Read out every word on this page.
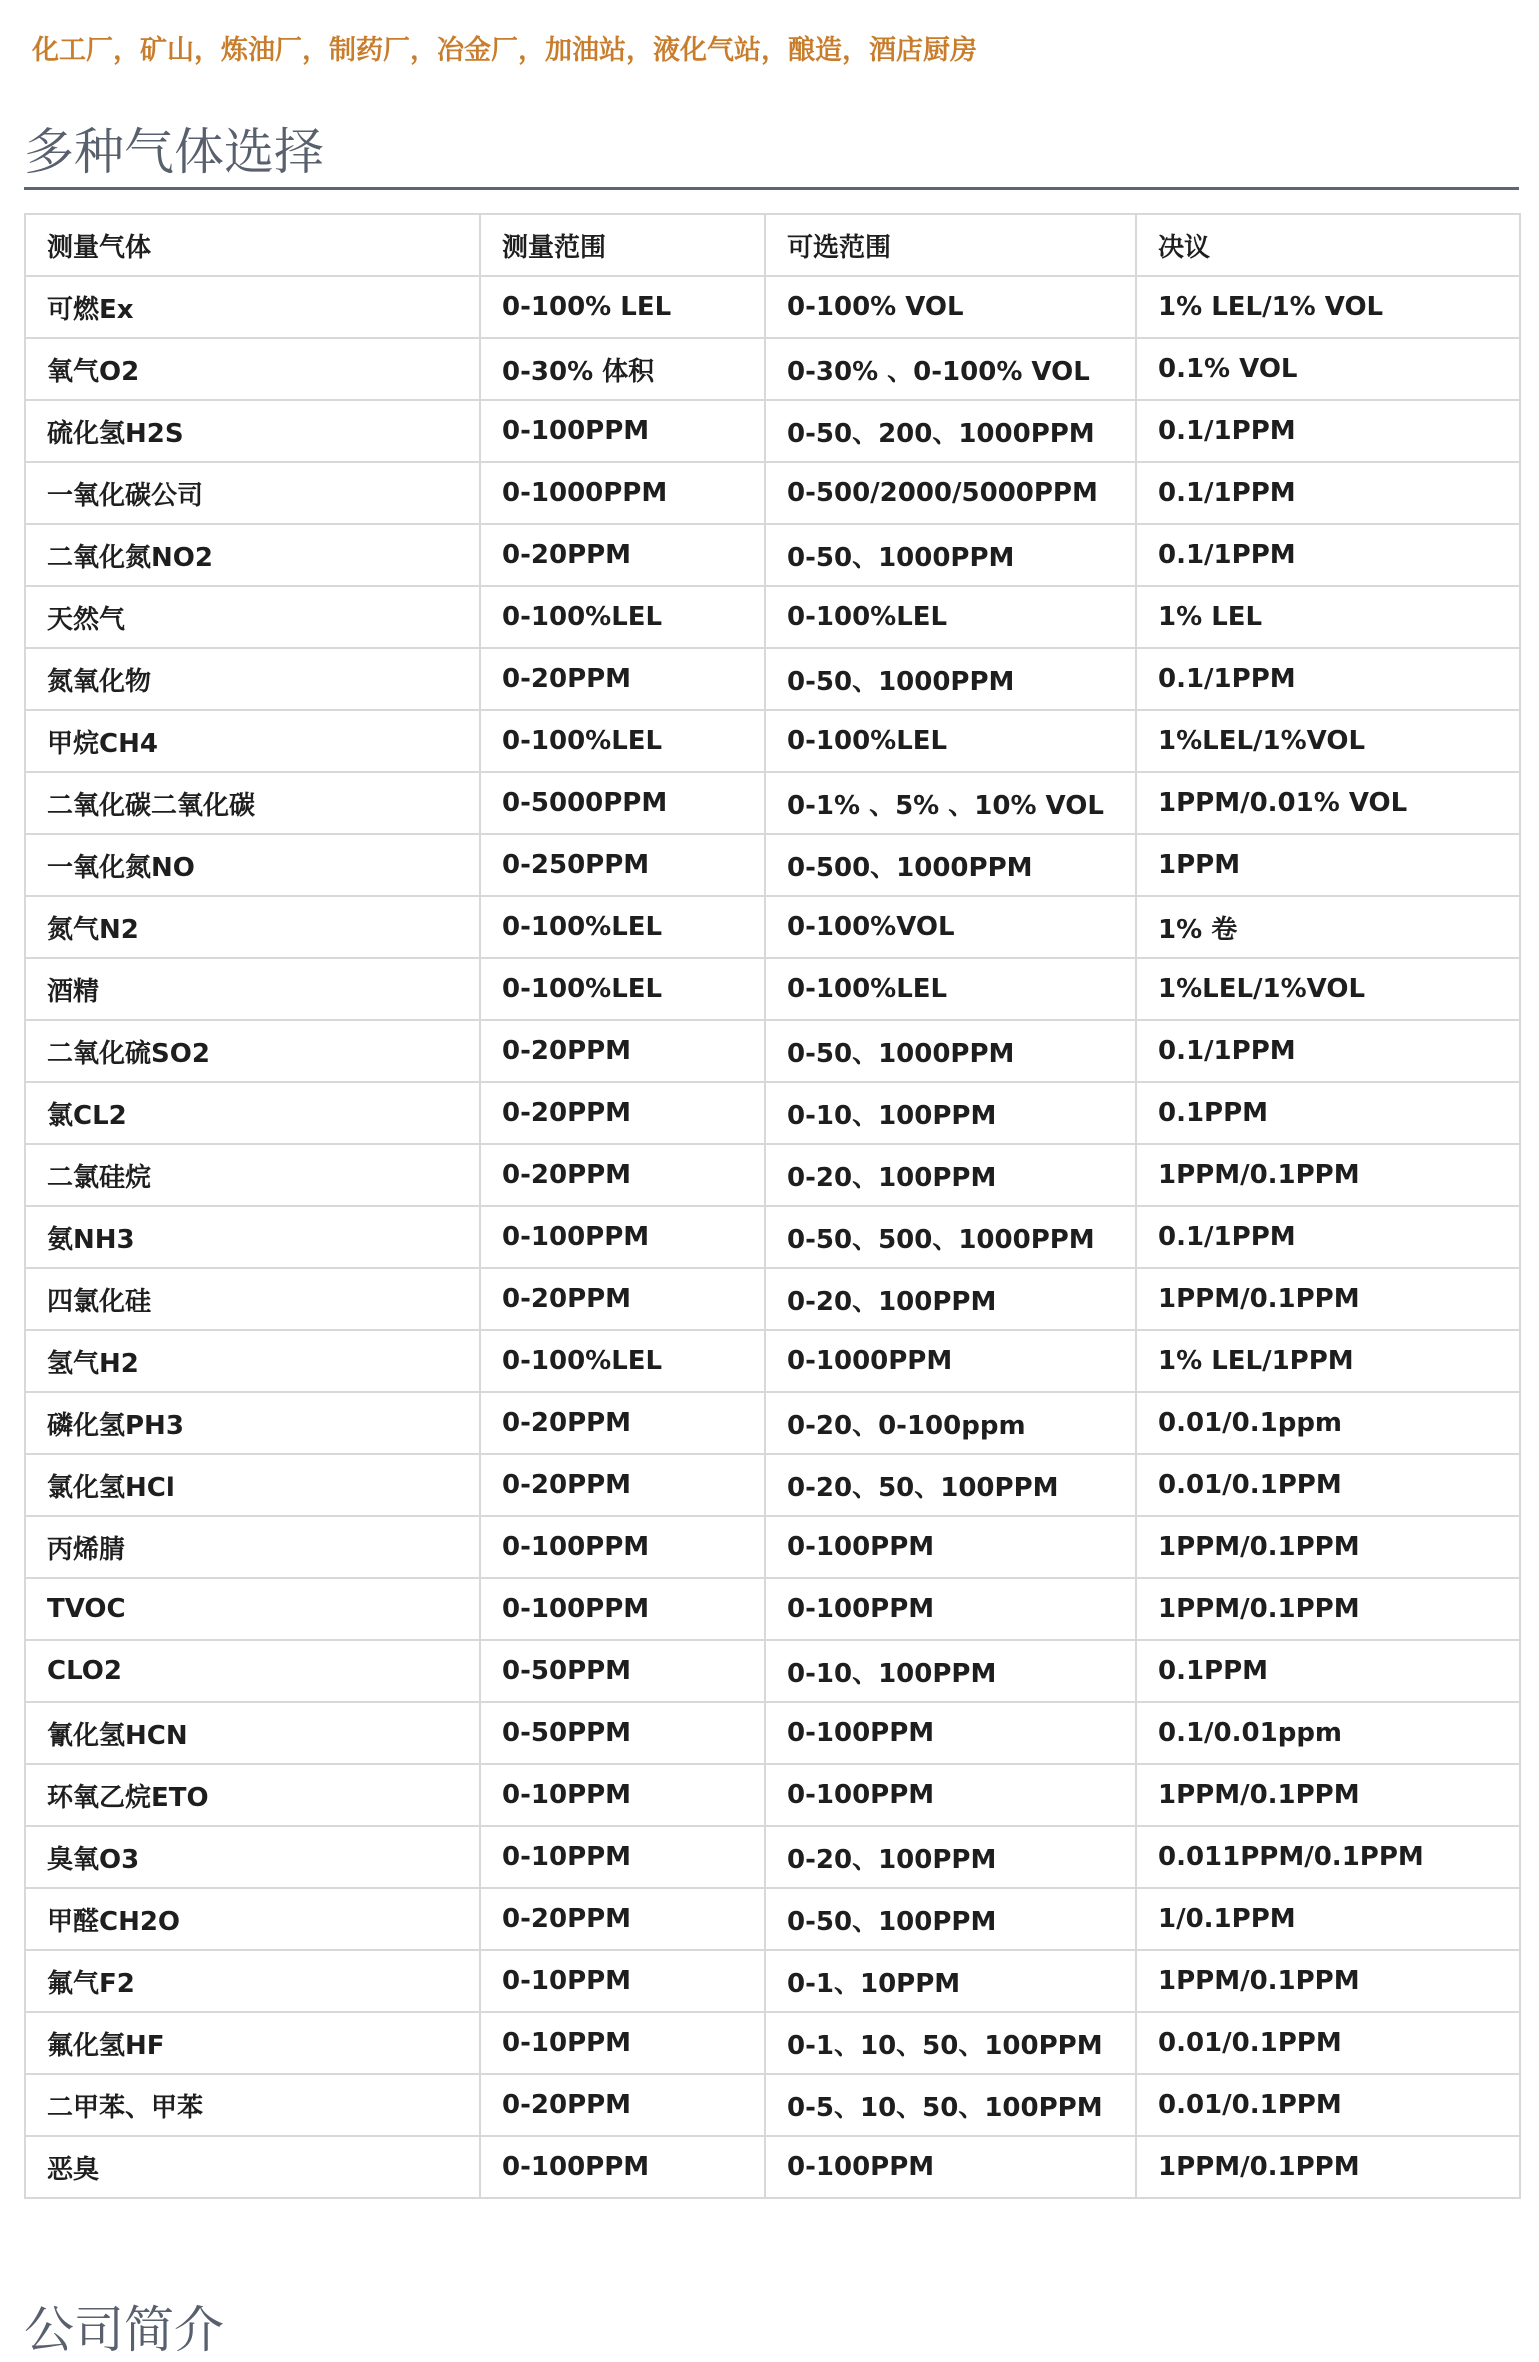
化工厂，矿山，炼油厂，制药厂，冶金厂，加油站，液化气站，酿造，酒店厨房
多种气体选择
测量气体	测量范围	可选范围	决议
可燃Ex	0-100% LEL	0-100% VOL	1% LEL/1% VOL
氧气O2	0-30% 体积	0-30% 、0-100% VOL	0.1% VOL
硫化氢H2S	0-100PPM	0-50、200、1000PPM	0.1/1PPM
一氧化碳公司	0-1000PPM	0-500/2000/5000PPM	0.1/1PPM
二氧化氮NO2	0-20PPM	0-50、1000PPM	0.1/1PPM
天然气	0-100%LEL	0-100%LEL	1% LEL
氮氧化物	0-20PPM	0-50、1000PPM	0.1/1PPM
甲烷CH4	0-100%LEL	0-100%LEL	1%LEL/1%VOL
二氧化碳二氧化碳	0-5000PPM	0-1% 、5% 、10% VOL	1PPM/0.01% VOL
一氧化氮NO	0-250PPM	0-500、1000PPM	1PPM
氮气N2	0-100%LEL	0-100%VOL	1% 卷
酒精	0-100%LEL	0-100%LEL	1%LEL/1%VOL
二氧化硫SO2	0-20PPM	0-50、1000PPM	0.1/1PPM
氯CL2	0-20PPM	0-10、100PPM	0.1PPM
二氯硅烷	0-20PPM	0-20、100PPM	1PPM/0.1PPM
氨NH3	0-100PPM	0-50、500、1000PPM	0.1/1PPM
四氯化硅	0-20PPM	0-20、100PPM	1PPM/0.1PPM
氢气H2	0-100%LEL	0-1000PPM	1% LEL/1PPM
磷化氢PH3	0-20PPM	0-20、0-100ppm	0.01/0.1ppm
氯化氢HCl	0-20PPM	0-20、50、100PPM	0.01/0.1PPM
丙烯腈	0-100PPM	0-100PPM	1PPM/0.1PPM
TVOC	0-100PPM	0-100PPM	1PPM/0.1PPM
CLO2	0-50PPM	0-10、100PPM	0.1PPM
氰化氢HCN	0-50PPM	0-100PPM	0.1/0.01ppm
环氧乙烷ETO	0-10PPM	0-100PPM	1PPM/0.1PPM
臭氧O3	0-10PPM	0-20、100PPM	0.011PPM/0.1PPM
甲醛CH2O	0-20PPM	0-50、100PPM	1/0.1PPM
氟气F2	0-10PPM	0-1、10PPM	1PPM/0.1PPM
氟化氢HF	0-10PPM	0-1、10、50、100PPM	0.01/0.1PPM
二甲苯、甲苯	0-20PPM	0-5、10、50、100PPM	0.01/0.1PPM
恶臭	0-100PPM	0-100PPM	1PPM/0.1PPM
公司简介
